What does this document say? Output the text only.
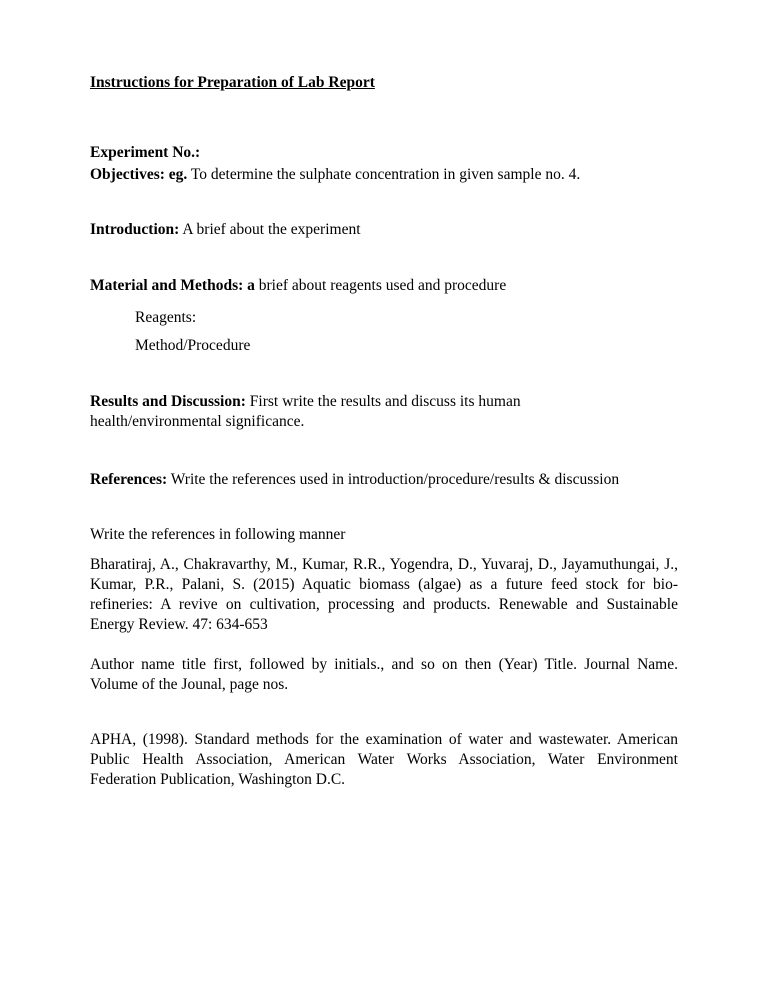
Instructions for Preparation of Lab Report
Experiment No.:
Objectives: eg. To determine the sulphate concentration in given sample no. 4.
Introduction: A brief about the experiment
Material and Methods: a brief about reagents used and procedure
Reagents:
Method/Procedure

Results and Discussion: First write the results and discuss its human

health/environmental significance.

References: Write the references used in introduction/procedure/results & discussion
Write the references in following manner
Bharatiraj, A., Chakravarthy, M., Kumar, R.R., Yogendra, D., Yuvaraj, D., Jayamuthungai, J., Kumar, P.R., Palani, S. (2015) Aquatic biomass (algae) as a future feed stock for bio- refineries: A revive on cultivation, processing and products. Renewable and Sustainable Energy Review. 47: 634-653
Author name title first, followed by initials., and so on then (Year) Title. Journal Name. Volume of the Jounal, page nos.
APHA, (1998). Standard methods for the examination of water and wastewater. American Public Health Association, American Water Works Association, Water Environment Federation Publication, Washington D.C.
